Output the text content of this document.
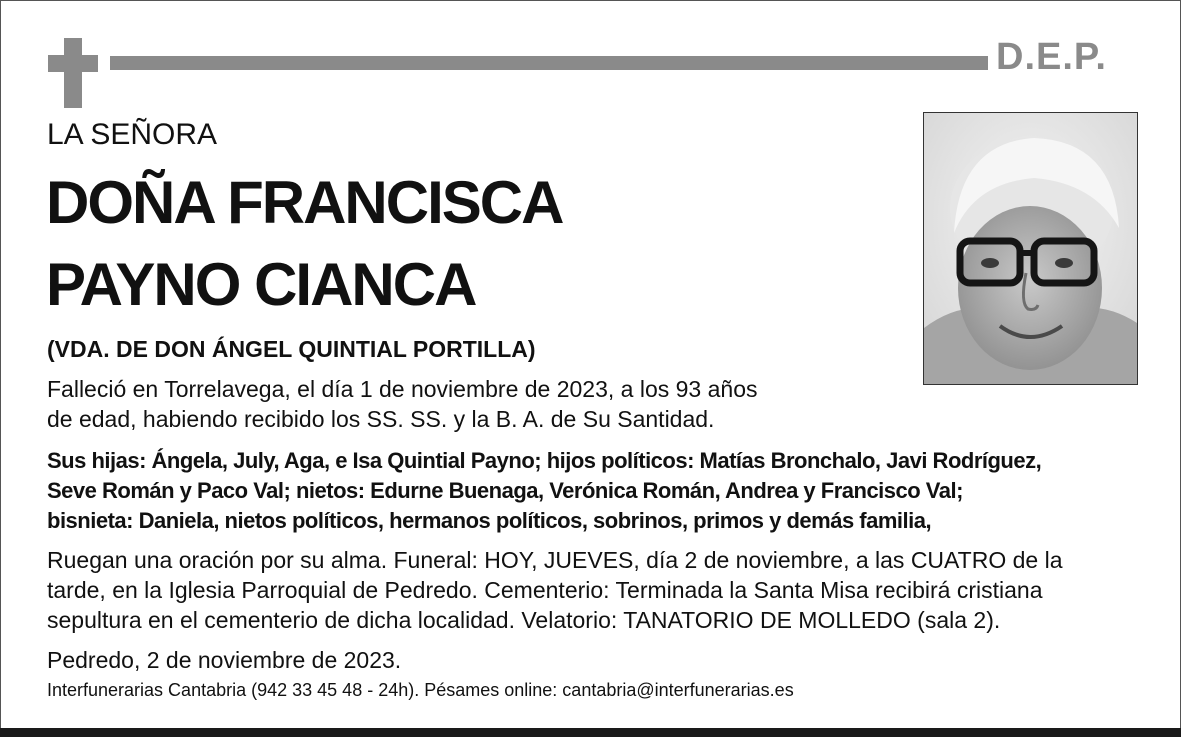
D.E.P.
LA SEÑORA
DOÑA FRANCISCA
PAYNO CIANCA
(VDA. DE DON ÁNGEL QUINTIAL PORTILLA)
Falleció en Torrelavega, el día 1 de noviembre de 2023, a los 93 años
de edad, habiendo recibido los SS. SS. y la B. A. de Su Santidad.
Sus hijas: Ángela, July, Aga, e Isa Quintial Payno; hijos políticos: Matías Bronchalo, Javi Rodríguez,
Seve Román y Paco Val; nietos: Edurne Buenaga, Verónica Román, Andrea y Francisco Val;
bisnieta: Daniela, nietos políticos, hermanos políticos, sobrinos, primos y demás familia,
Ruegan una oración por su alma. Funeral: HOY, JUEVES, día 2 de noviembre, a las CUATRO de la
tarde, en la Iglesia Parroquial de Pedredo. Cementerio: Terminada la Santa Misa recibirá cristiana
sepultura en el cementerio de dicha localidad. Velatorio: TANATORIO DE MOLLEDO (sala 2).
Pedredo, 2 de noviembre de 2023.
Interfunerarias Cantabria (942 33 45 48 - 24h). Pésames online: cantabria@interfunerarias.es
